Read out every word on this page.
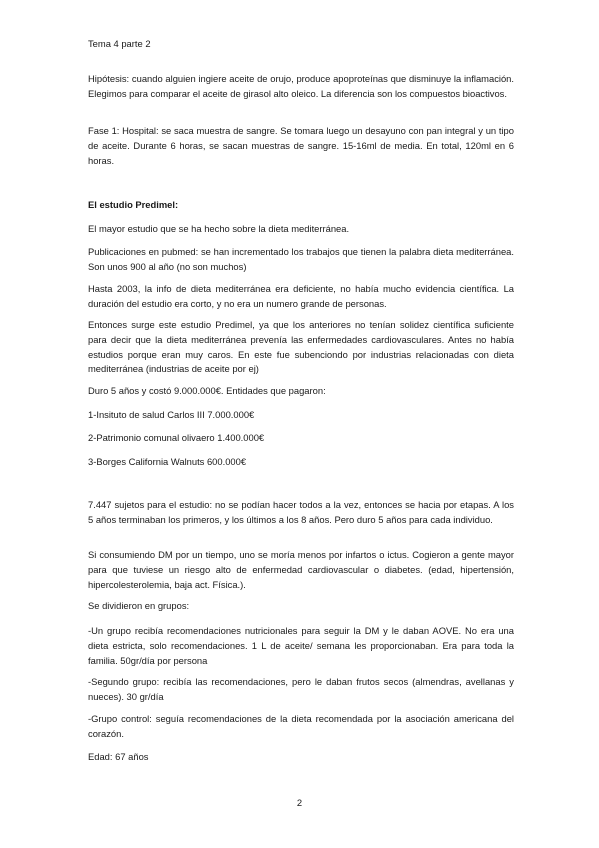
Tema 4 parte 2

Hipótesis: cuando alguien ingiere aceite de orujo, produce apoproteínas que disminuye la inflamación. Elegimos para comparar el aceite de girasol alto oleico. La diferencia son los compuestos bioactivos.

Fase 1: Hospital: se saca muestra de sangre. Se tomara luego un desayuno con pan integral y un tipo de aceite. Durante 6 horas, se sacan muestras de sangre. 15-16ml de media. En total, 120ml en 6 horas.

El estudio Predimel:

El mayor estudio que se ha hecho sobre la dieta mediterránea.

Publicaciones en pubmed: se han incrementado los trabajos que tienen la palabra dieta mediterránea. Son unos 900 al año (no son muchos)

Hasta 2003, la info de dieta mediterránea era deficiente, no había mucho evidencia científica. La duración del estudio era corto, y no era un numero grande de personas.

Entonces surge este estudio Predimel, ya que los anteriores no tenían solidez científica suficiente para decir que la dieta mediterránea prevenía las enfermedades cardiovasculares. Antes no había estudios porque eran muy caros. En este fue subenciondo por industrias relacionadas con dieta mediterránea (industrias de aceite por ej)

Duro 5 años y costó 9.000.000€. Entidades que pagaron:

1-Insituto de salud Carlos III 7.000.000€

2-Patrimonio comunal olivaero 1.400.000€

3-Borges California Walnuts 600.000€

7.447 sujetos para el estudio: no se podían hacer todos a la vez, entonces se hacia por etapas. A los 5 años terminaban los primeros, y los últimos a los 8 años. Pero duro 5 años para cada individuo.

Si consumiendo DM por un tiempo, uno se moría menos por infartos o ictus. Cogieron a gente mayor para que tuviese un riesgo alto de enfermedad cardiovascular o diabetes. (edad, hipertensión, hipercolesterolemia, baja act. Física.).

Se dividieron en grupos:

-Un grupo recibía recomendaciones nutricionales para seguir la DM y le daban AOVE. No era una dieta estricta, solo recomendaciones. 1 L de aceite/ semana les proporcionaban. Era para toda la familia. 50gr/día por persona

-Segundo grupo: recibía las recomendaciones, pero le daban frutos secos (almendras, avellanas y nueces). 30 gr/día

-Grupo control: seguía recomendaciones de la dieta recomendada por la asociación americana del corazón.

Edad: 67 años

2
